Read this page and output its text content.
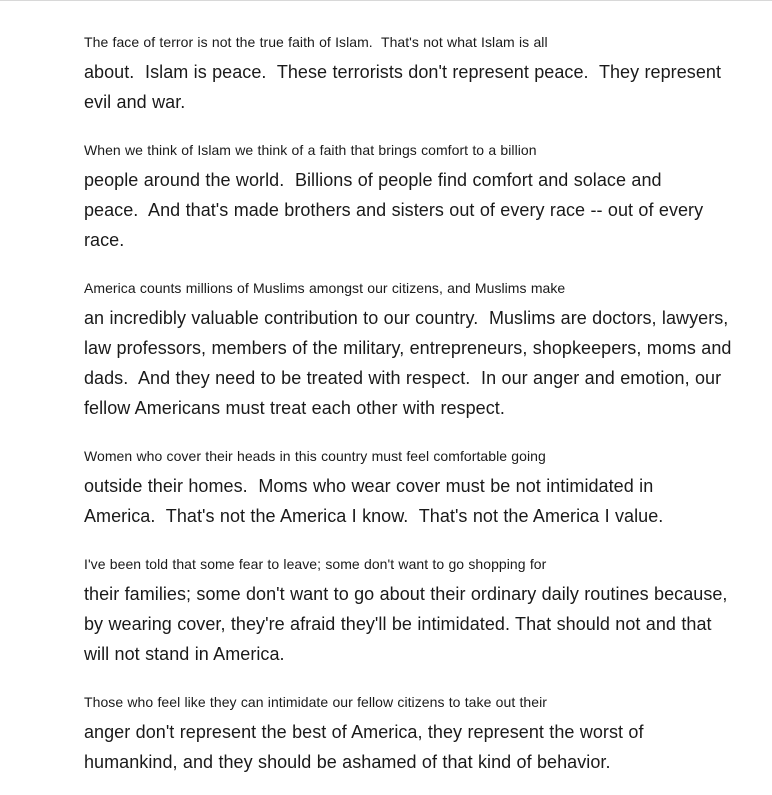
The face of terror is not the true faith of Islam.  That's not what Islam is all
about.  Islam is peace.  These terrorists don't represent peace.  They represent
evil and war.

When we think of Islam we think of a faith that brings comfort to a billion
people around the world.  Billions of people find comfort and solace and
peace.  And that's made brothers and sisters out of every race -- out of every
race.

America counts millions of Muslims amongst our citizens, and Muslims make
an incredibly valuable contribution to our country.  Muslims are doctors, lawyers,
law professors, members of the military, entrepreneurs, shopkeepers, moms and
dads.  And they need to be treated with respect.  In our anger and emotion, our
fellow Americans must treat each other with respect.

Women who cover their heads in this country must feel comfortable going
outside their homes.  Moms who wear cover must be not intimidated in
America.  That's not the America I know.  That's not the America I value.

I've been told that some fear to leave; some don't want to go shopping for
their families; some don't want to go about their ordinary daily routines because,
by wearing cover, they're afraid they'll be intimidated. That should not and that
will not stand in America.

Those who feel like they can intimidate our fellow citizens to take out their
anger don't represent the best of America, they represent the worst of
humankind, and they should be ashamed of that kind of behavior.
